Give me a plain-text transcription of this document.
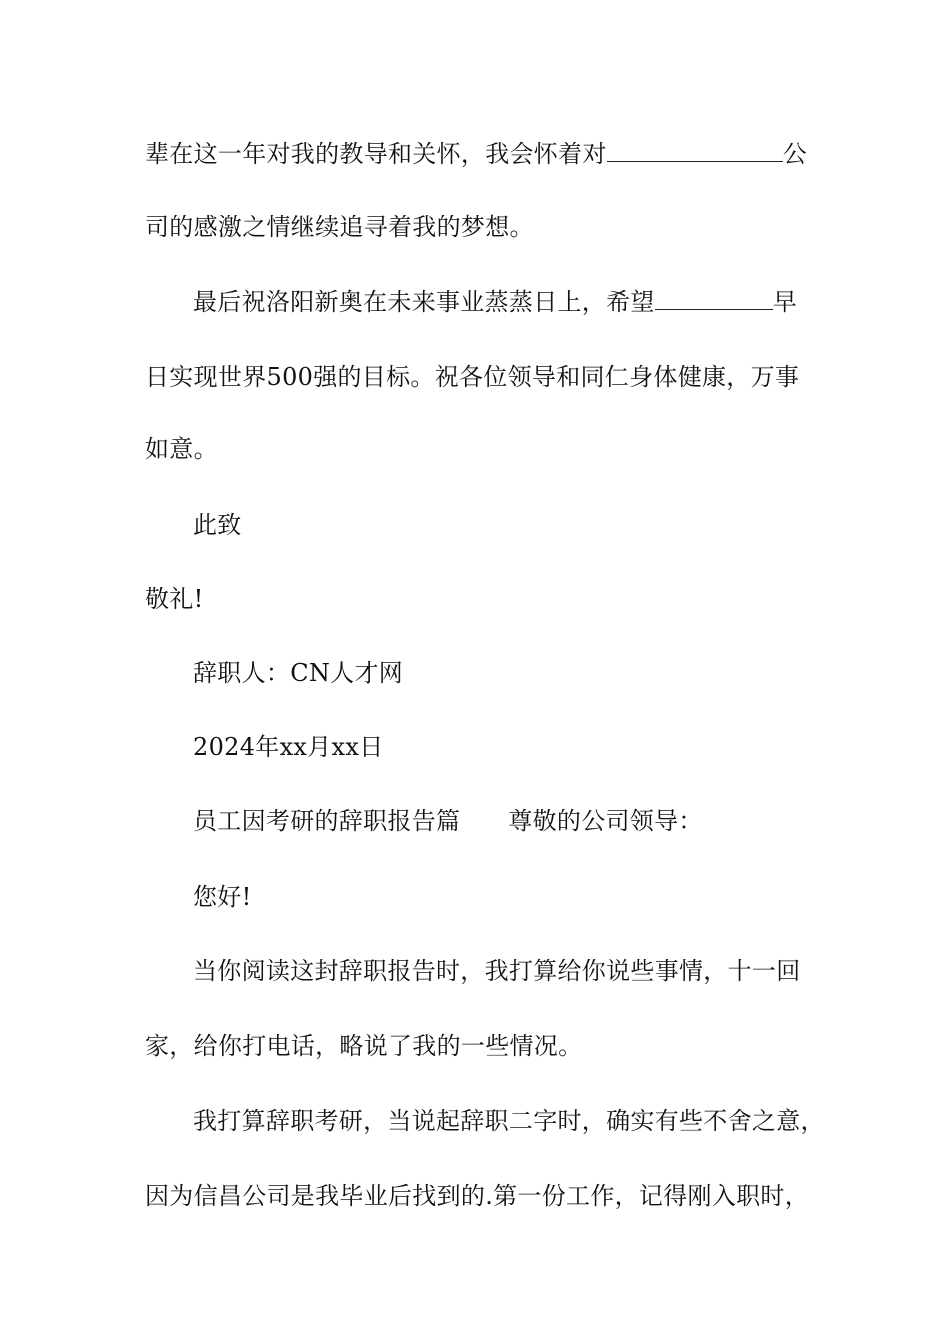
辈在这一年对我的教导和关怀，我会怀着对	公
司的感激之情继续追寻着我的梦想。
最后祝洛阳新奥在未来事业蒸蒸日上，希望	早
日实现世界500强的目标。祝各位领导和同仁身体健康，万事
如意。
此致
敬礼!
辞职人：CN人才网
2024年xx月xx日
员工因考研的辞职报告篇 尊敬的公司领导：
您好!
当你阅读这封辞职报告时，我打算给你说些事情，十一回
家，给你打电话，略说了我的一些情况。
我打算辞职考研，当说起辞职二字时，确实有些不舍之意，
因为信昌公司是我毕业后找到的.第一份工作，记得刚入职时，
